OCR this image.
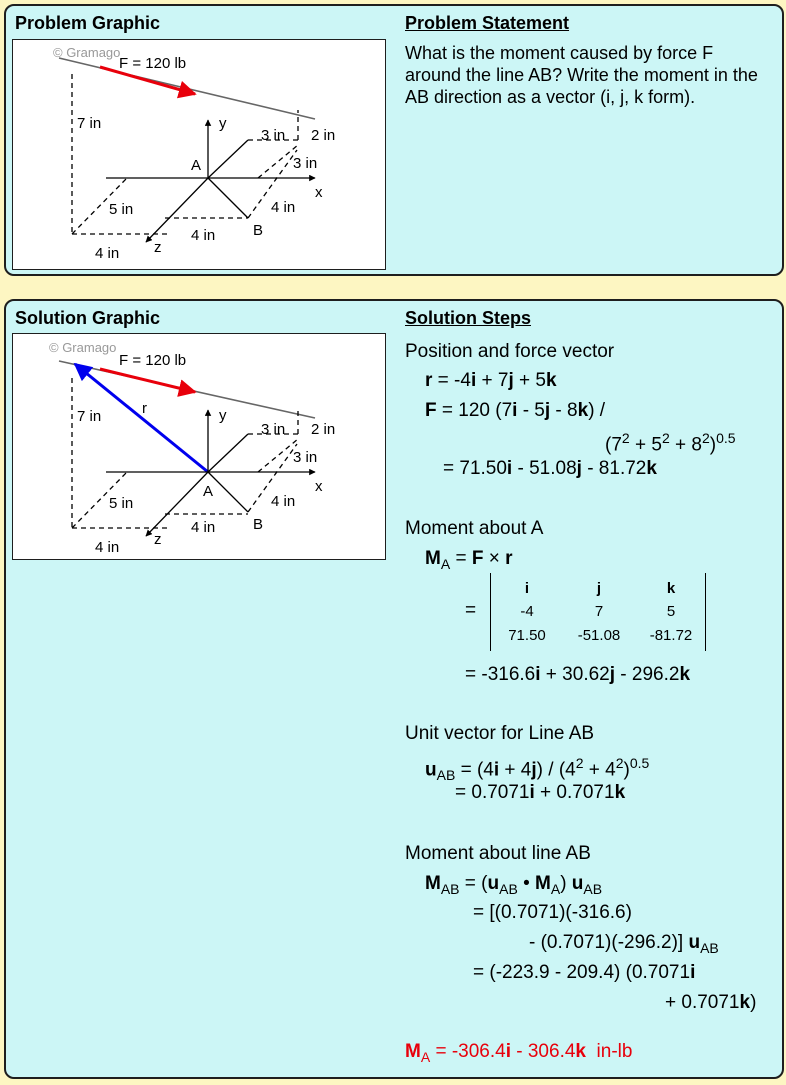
Problem Graphic	Problem Statement
What is the moment caused by force F around the line AB? Write the moment in the AB direction as a vector (i, j, k form).
© Gramago
F = 120 lb
7 in	y
x
z
A
B
5 in
4 in
4 in
4 in
3 in 2 in
3 in
Solution Graphic	Solution Steps
© Gramago
F = 120 lb
r
7 in	y
x
z
A
B
5 in
4 in
4 in
4 in
3 in 2 in
3 in
Position and force vector
r = -4i + 7j + 5k
F = 120 (7i - 5j - 8k) /
$(7^2 + 5^2 + 8^2)^{0.5}$
= 71.50i - 51.08j - 81.72k
Moment about A
$M_A = F \times r$
=
i	j	k
-4	7	5
71.50	-51.08	-81.72
= -316.6i + 30.62j - 296.2k
Unit vector for Line AB
$u_{AB} = (4i + 4j) / (4^2 + 4^2)^{0.5}$
= 0.7071i + 0.7071k
Moment about line AB
$M_{AB} = (u_{AB}$ • $M_A$) $u_{AB}$
= [(0.7071)(-316.6)
- (0.7071)(-296.2)] $u_{AB}$
= (-223.9 - 209.4) (0.7071i
+ 0.7071k)
$M_A = -306.4i - 306.4k$  in-lb
